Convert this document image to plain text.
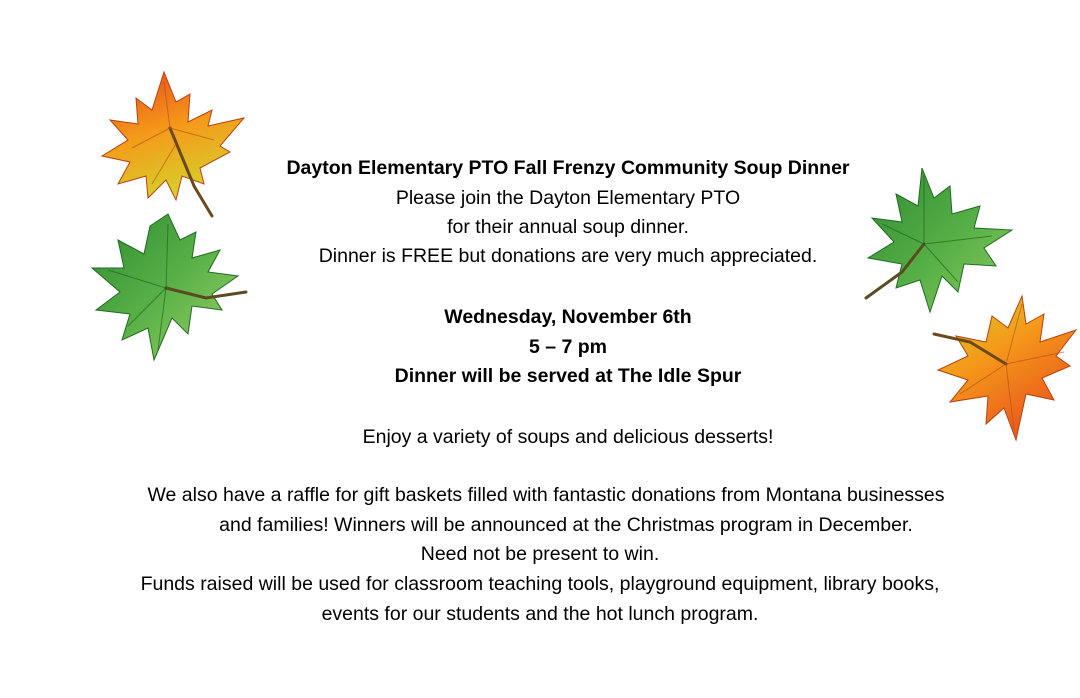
Dayton Elementary PTO Fall Frenzy Community Soup Dinner
Please join the Dayton Elementary PTO
for their annual soup dinner.
Dinner is FREE but donations are very much appreciated.
Wednesday, November 6th
5 – 7 pm
Dinner will be served at The Idle Spur
Enjoy a variety of soups and delicious desserts!
We also have a raffle for gift baskets filled with fantastic donations from Montana businesses
and families! Winners will be announced at the Christmas program in December.
Need not be present to win.
Funds raised will be used for classroom teaching tools, playground equipment, library books,
events for our students and the hot lunch program.
